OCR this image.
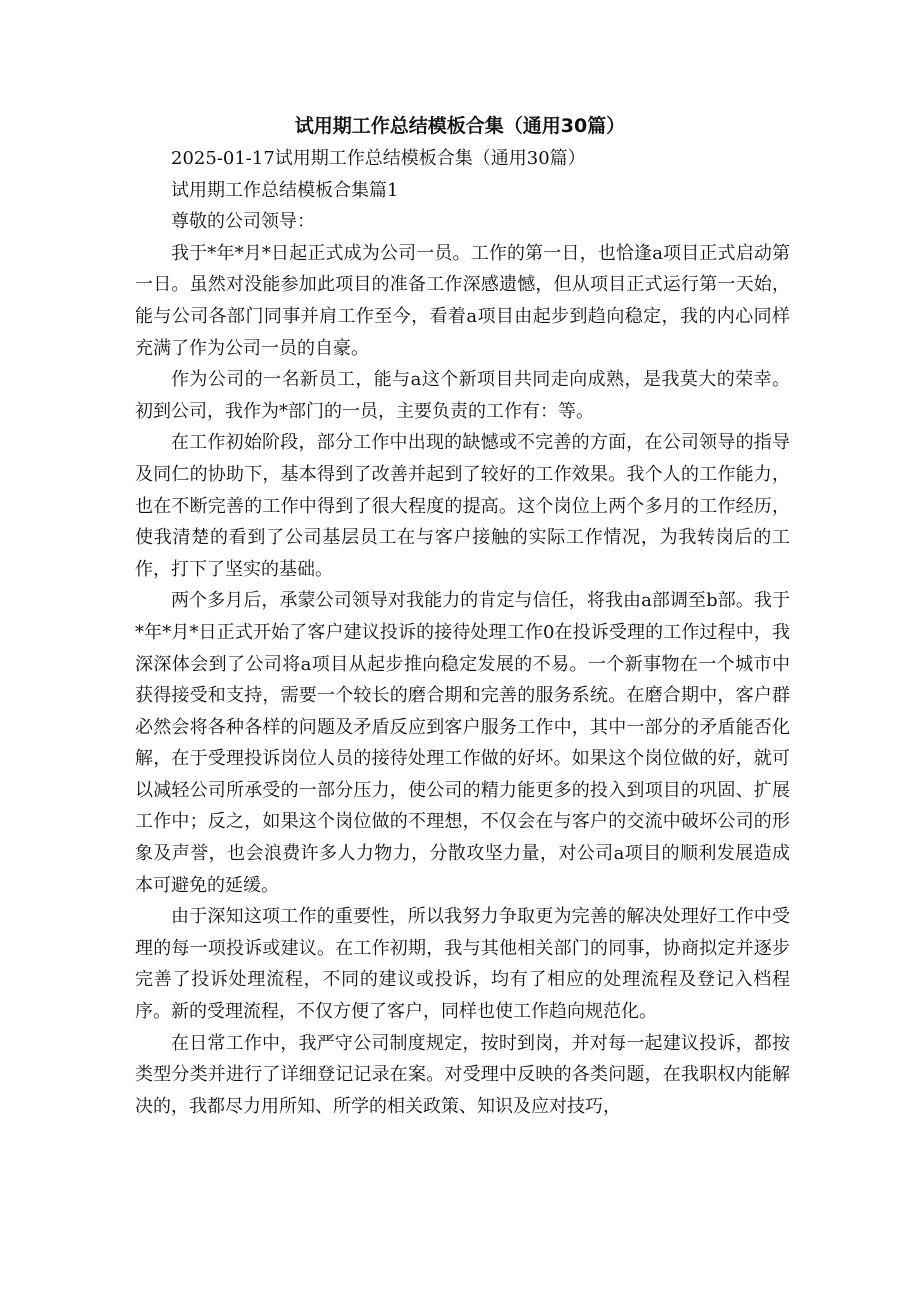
试用期工作总结模板合集（通用30篇）

2025-01-17试用期工作总结模板合集（通用30篇）

试用期工作总结模板合集篇1

尊敬的公司领导：

我于*年*月*日起正式成为公司一员。工作的第一日，也恰逢a项目正式启动第一日。虽然对没能参加此项目的准备工作深感遗憾，但从项目正式运行第一天始，能与公司各部门同事并肩工作至今，看着a项目由起步到趋向稳定，我的内心同样充满了作为公司一员的自豪。

作为公司的一名新员工，能与a这个新项目共同走向成熟，是我莫大的荣幸。初到公司，我作为*部门的一员，主要负责的工作有：等。

在工作初始阶段，部分工作中出现的缺憾或不完善的方面，在公司领导的指导及同仁的协助下，基本得到了改善并起到了较好的工作效果。我个人的工作能力，也在不断完善的工作中得到了很大程度的提高。这个岗位上两个多月的工作经历，使我清楚的看到了公司基层员工在与客户接触的实际工作情况，为我转岗后的工作，打下了坚实的基础。

两个多月后，承蒙公司领导对我能力的肯定与信任，将我由a部调至b部。我于*年*月*日正式开始了客户建议投诉的接待处理工作0在投诉受理的工作过程中，我深深体会到了公司将a项目从起步推向稳定发展的不易。一个新事物在一个城市中获得接受和支持，需要一个较长的磨合期和完善的服务系统。在磨合期中，客户群必然会将各种各样的问题及矛盾反应到客户服务工作中，其中一部分的矛盾能否化解，在于受理投诉岗位人员的接待处理工作做的好坏。如果这个岗位做的好，就可以减轻公司所承受的一部分压力，使公司的精力能更多的投入到项目的巩固、扩展工作中；反之，如果这个岗位做的不理想，不仅会在与客户的交流中破坏公司的形象及声誉，也会浪费许多人力物力，分散攻坚力量，对公司a项目的顺利发展造成本可避免的延缓。

由于深知这项工作的重要性，所以我努力争取更为完善的解决处理好工作中受理的每一项投诉或建议。在工作初期，我与其他相关部门的同事，协商拟定并逐步完善了投诉处理流程，不同的建议或投诉，均有了相应的处理流程及登记入档程序。新的受理流程，不仅方便了客户，同样也使工作趋向规范化。

在日常工作中，我严守公司制度规定，按时到岗，并对每一起建议投诉，都按类型分类并进行了详细登记记录在案。对受理中反映的各类问题，在我职权内能解决的，我都尽力用所知、所学的相关政策、知识及应对技巧，
